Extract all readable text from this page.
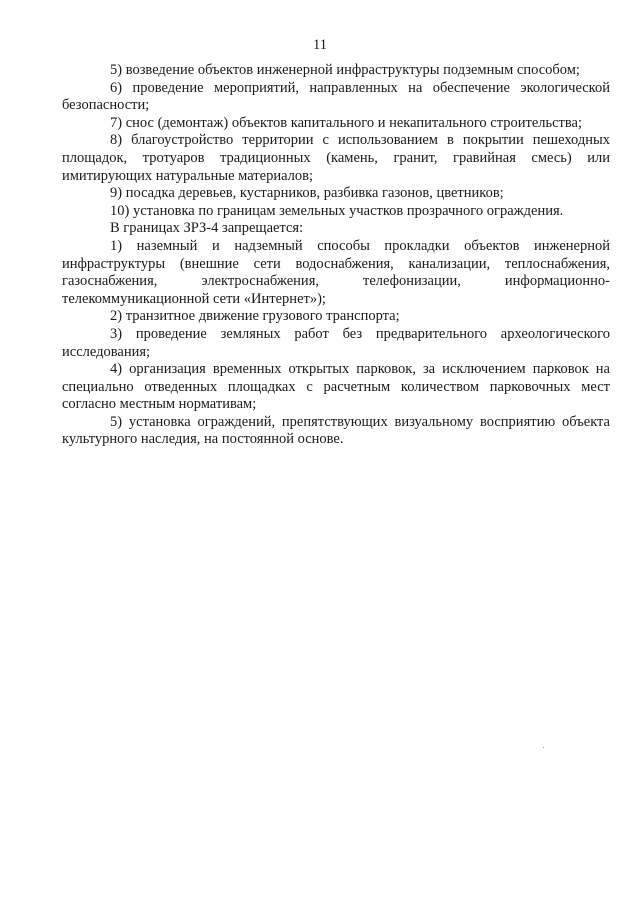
11

5) возведение объектов инженерной инфраструктуры подземным способом;

6) проведение мероприятий, направленных на обеспечение экологической безопасности;

7) снос (демонтаж) объектов капитального и некапитального строительства;

8) благоустройство территории с использованием в покрытии пешеходных площадок, тротуаров традиционных (камень, гранит, гравийная смесь) или имитирующих натуральные материалов;

9) посадка деревьев, кустарников, разбивка газонов, цветников;

10) установка по границам земельных участков прозрачного ограждения.

В границах ЗРЗ-4 запрещается:

1) наземный и надземный способы прокладки объектов инженерной инфраструктуры (внешние сети водоснабжения, канализации, теплоснабжения, газоснабжения, электроснабжения, телефонизации, информационно-телекоммуникационной сети «Интернет»);

2) транзитное движение грузового транспорта;

3) проведение земляных работ без предварительного археологического исследования;

4) организация временных открытых парковок, за исключением парковок на специально отведенных площадках с расчетным количеством парковочных мест согласно местным нормативам;

5) установка ограждений, препятствующих визуальному восприятию объекта культурного наследия, на постоянной основе.
